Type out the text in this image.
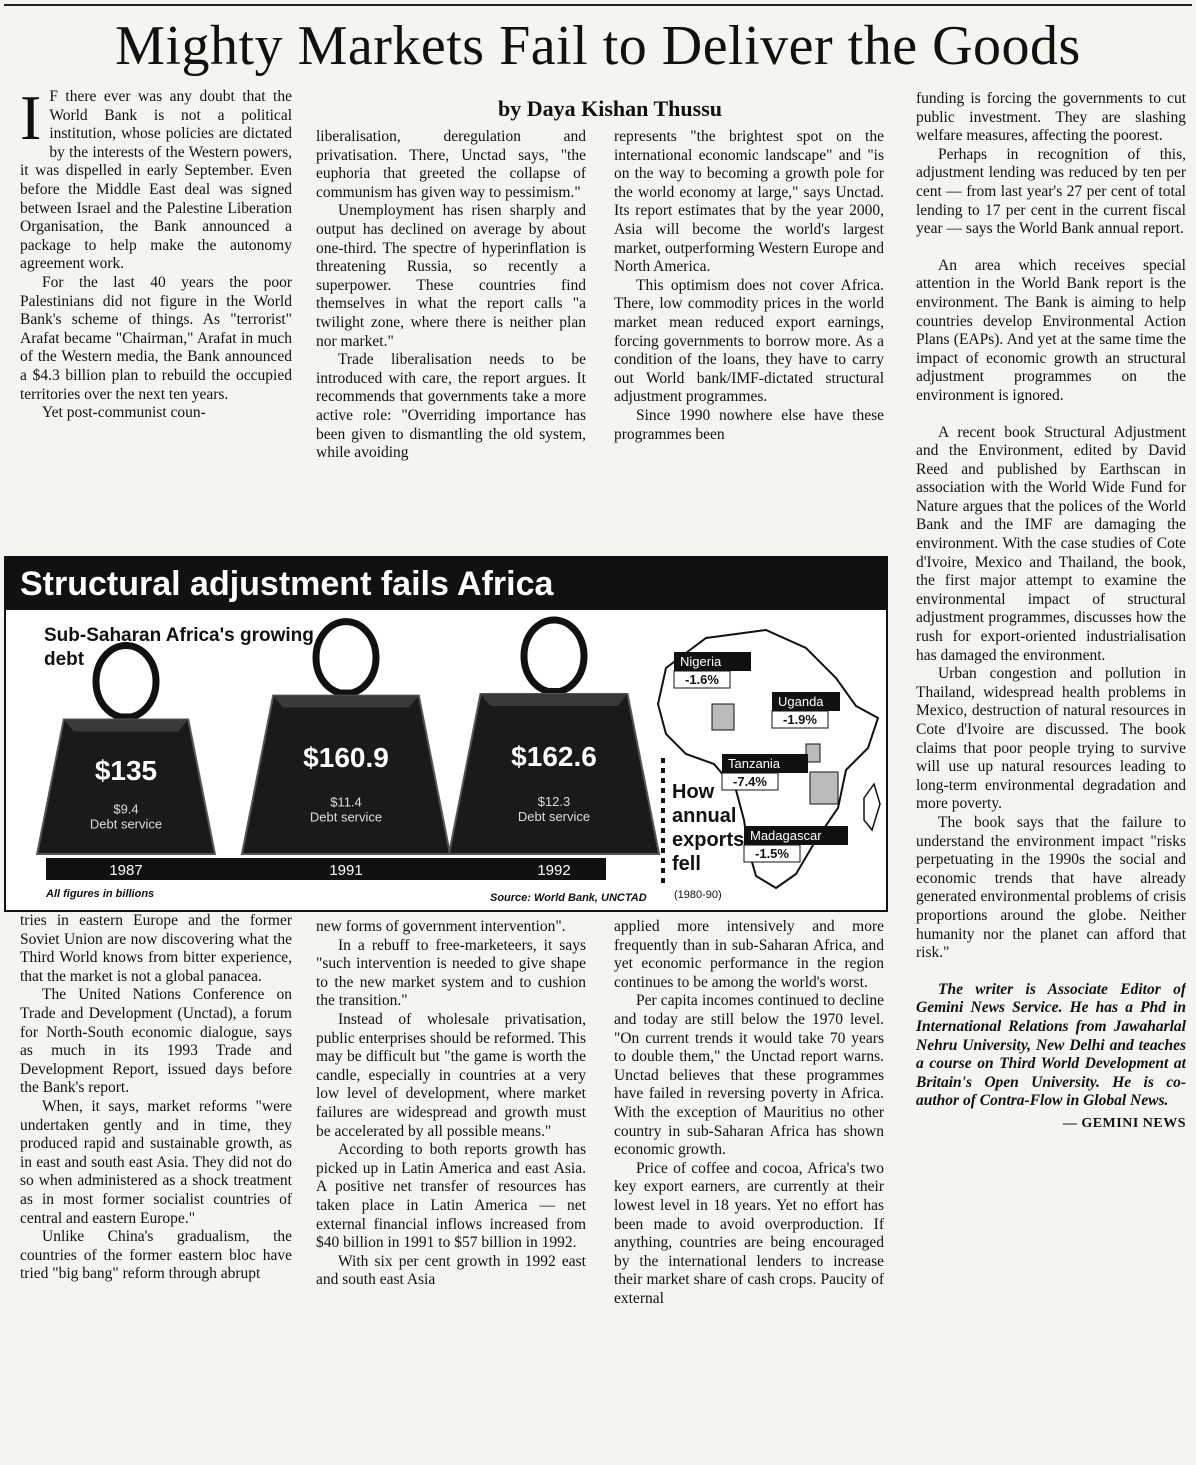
Mighty Markets Fail to Deliver the Goods
by Daya Kishan Thussu

I F there ever was any doubt that the World Bank is not a political institution, whose policies are dictated by the interests of the Western powers, it was dispelled in early September. Even before the Middle East deal was signed between Israel and the Palestine Liberation Organisation, the Bank announced a package to help make the autonomy agreement work.

For the last 40 years the poor Palestinians did not figure in the World Bank's scheme of things. As "terrorist" Arafat became "Chairman," Arafat in much of the Western media, the Bank announced a $4.3 billion plan to rebuild the occupied territories over the next ten years.

Yet post-communist coun-

liberalisation, deregulation and privatisation. There, Unctad says, "the euphoria that greeted the collapse of communism has given way to pessimism."

Unemployment has risen sharply and output has declined on average by about one-third. The spectre of hyperinflation is threatening Russia, so recently a superpower. These countries find themselves in what the report calls "a twilight zone, where there is neither plan nor market."

Trade liberalisation needs to be introduced with care, the report argues. It recommends that governments take a more active role: "Overriding importance has been given to dismantling the old system, while avoiding

represents "the brightest spot on the international economic landscape" and "is on the way to becoming a growth pole for the world economy at large," says Unctad. Its report estimates that by the year 2000, Asia will become the world's largest market, outperforming Western Europe and North America.

This optimism does not cover Africa. There, low commodity prices in the world market mean reduced export earnings, forcing governments to borrow more. As a condition of the loans, they have to carry out World bank/IMF-dictated structural adjustment programmes.

Since 1990 nowhere else have these programmes been

funding is forcing the governments to cut public investment. They are slashing welfare measures, affecting the poorest.

Perhaps in recognition of this, adjustment lending was reduced by ten per cent — from last year's 27 per cent of total lending to 17 per cent in the current fiscal year — says the World Bank annual report.

An area which receives special attention in the World Bank report is the environment. The Bank is aiming to help countries develop Environmental Action Plans (EAPs). And yet at the same time the impact of economic growth an structural adjustment programmes on the environment is ignored.

A recent book Structural Adjustment and the Environment, edited by David Reed and published by Earthscan in association with the World Wide Fund for Nature argues that the polices of the World Bank and the IMF are damaging the environment. With the case studies of Cote d'Ivoire, Mexico and Thailand, the book, the first major attempt to examine the environmental impact of structural adjustment programmes, discusses how the rush for export-oriented industrialisation has damaged the environment.

Urban congestion and pollution in Thailand, widespread health problems in Mexico, destruction of natural resources in Cote d'Ivoire are discussed. The book claims that poor people trying to survive will use up natural resources leading to long-term environmental degradation and more poverty.

The book says that the failure to understand the environment impact "risks perpetuating in the 1990s the social and economic trends that have already generated environmental problems of crisis proportions around the globe. Neither humanity nor the planet can afford that risk."

The writer is Associate Editor of Gemini News Service. He has a Phd in International Relations from Jawaharlal Nehru University, New Delhi and teaches a course on Third World Development at Britain's Open University. He is co-author of Contra-Flow in Global News.

— GEMINI NEWS
Structural adjustment fails Africa
Sub-Saharan Africa's growing debt
$135
$9.4
Debt service
1987
$160.9
$11.4
Debt service
1991
$162.6
$12.3
Debt service
1992
Nigeria
-1.6%
Uganda
-1.9%
Tanzania
-7.4%
Madagascar
-1.5%
How
annual
exports
fell
(1980-90)
All figures in billions	Source: World Bank, UNCTAD

tries in eastern Europe and the former Soviet Union are now discovering what the Third World knows from bitter experience, that the market is not a global panacea.

The United Nations Conference on Trade and Development (Unctad), a forum for North-South economic dialogue, says as much in its 1993 Trade and Development Report, issued days before the Bank's report.

When, it says, market reforms "were undertaken gently and in time, they produced rapid and sustainable growth, as in east and south east Asia. They did not do so when administered as a shock treatment as in most former socialist countries of central and eastern Europe."

Unlike China's gradualism, the countries of the former eastern bloc have tried "big bang" reform through abrupt

new forms of government intervention".

In a rebuff to free-marketeers, it says "such intervention is needed to give shape to the new market system and to cushion the transition."

Instead of wholesale privatisation, public enterprises should be reformed. This may be difficult but "the game is worth the candle, especially in countries at a very low level of development, where market failures are widespread and growth must be accelerated by all possible means."

According to both reports growth has picked up in Latin America and east Asia. A positive net transfer of resources has taken place in Latin America — net external financial inflows increased from $40 billion in 1991 to $57 billion in 1992.

With six per cent growth in 1992 east and south east Asia

applied more intensively and more frequently than in sub-Saharan Africa, and yet economic performance in the region continues to be among the world's worst.

Per capita incomes continued to decline and today are still below the 1970 level. "On current trends it would take 70 years to double them," the Unctad report warns. Unctad believes that these programmes have failed in reversing poverty in Africa. With the exception of Mauritius no other country in sub-Saharan Africa has shown economic growth.

Price of coffee and cocoa, Africa's two key export earners, are currently at their lowest level in 18 years. Yet no effort has been made to avoid overproduction. If anything, countries are being encouraged by the international lenders to increase their market share of cash crops. Paucity of external
